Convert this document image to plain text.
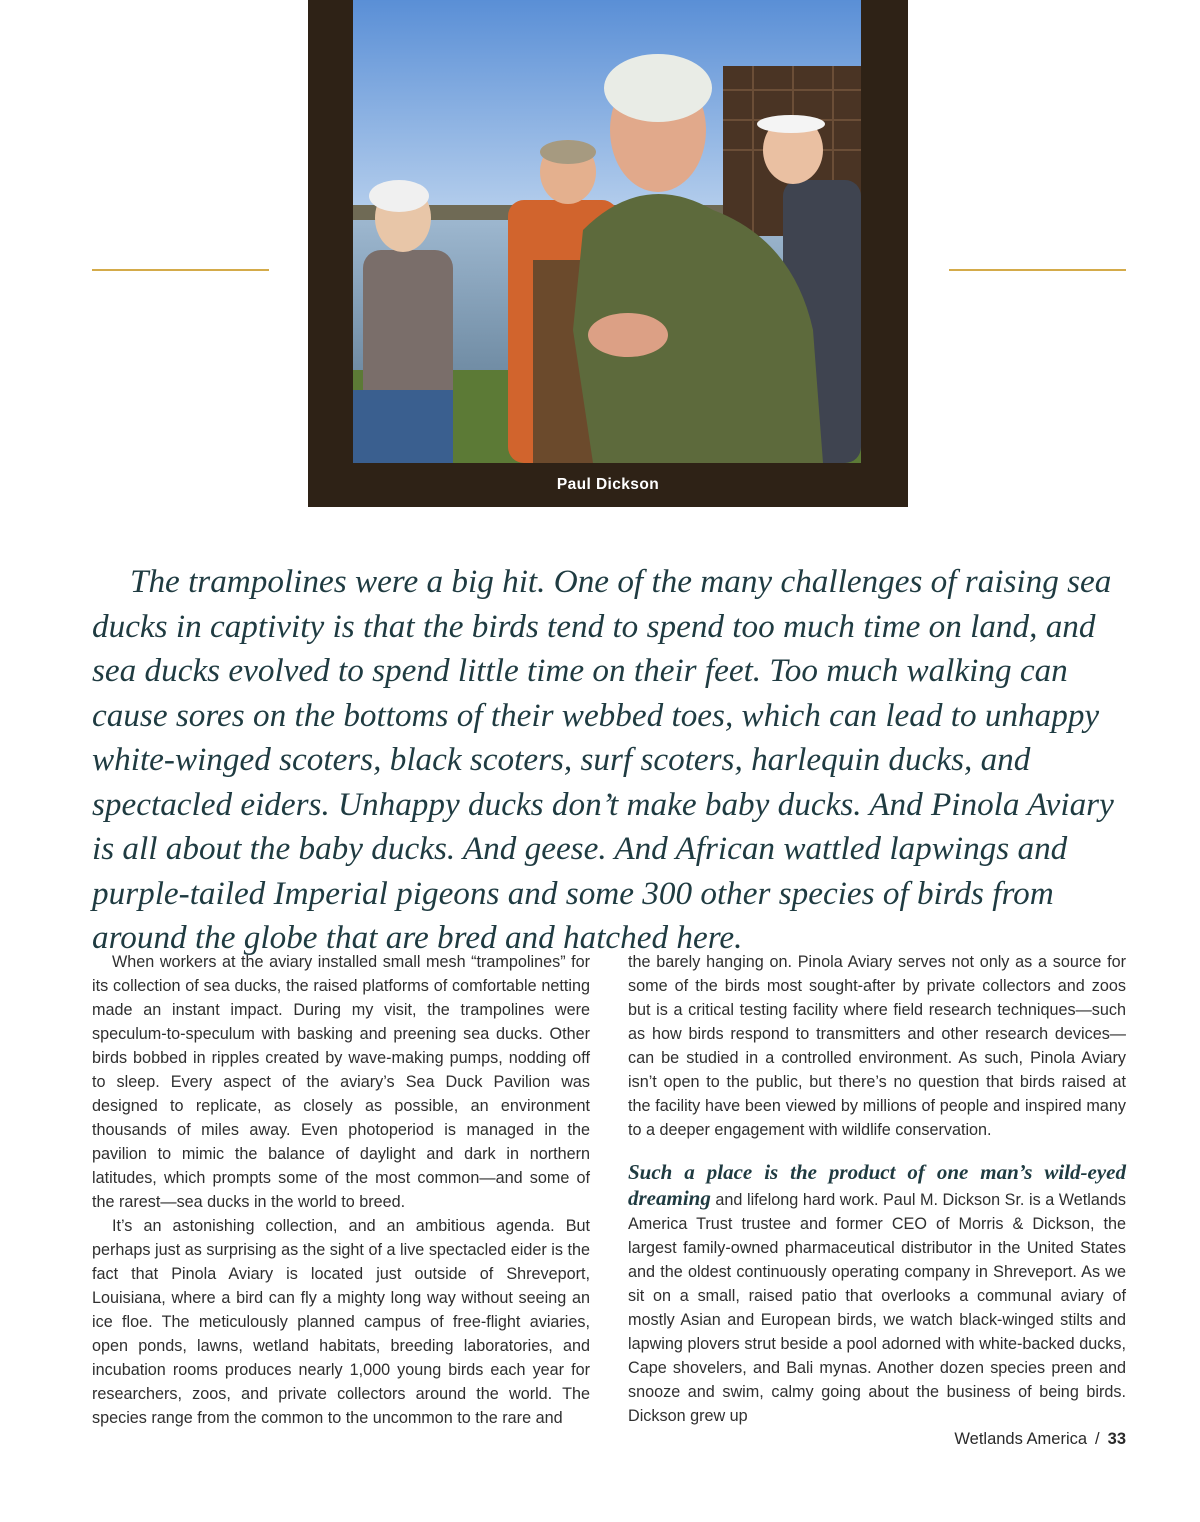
Paul Dickson

The trampolines were a big hit. One of the many challenges of raising sea ducks in captivity is that the birds tend to spend too much time on land, and sea ducks evolved to spend little time on their feet. Too much walking can cause sores on the bottoms of their webbed toes, which can lead to unhappy white-winged scoters, black scoters, surf scoters, harlequin ducks, and spectacled eiders. Unhappy ducks don’t make baby ducks. And Pinola Aviary is all about the baby ducks. And geese. And African wattled lapwings and purple-tailed Imperial pigeons and some 300 other species of birds from around the globe that are bred and hatched here.

When workers at the aviary installed small mesh “trampolines” for its collection of sea ducks, the raised platforms of comfortable netting made an instant impact. During my visit, the trampolines were speculum-to-speculum with basking and preening sea ducks. Other birds bobbed in ripples created by wave-making pumps, nodding off to sleep. Every aspect of the aviary’s Sea Duck Pavilion was designed to replicate, as closely as possible, an environment thousands of miles away. Even photoperiod is managed in the pavilion to mimic the balance of daylight and dark in northern latitudes, which prompts some of the most common—and some of the rarest—sea ducks in the world to breed.

It’s an astonishing collection, and an ambitious agenda. But perhaps just as surprising as the sight of a live spectacled eider is the fact that Pinola Aviary is located just outside of Shreveport, Louisiana, where a bird can fly a mighty long way without seeing an ice floe. The meticulously planned campus of free-flight aviaries, open ponds, lawns, wetland habitats, breeding laboratories, and incubation rooms produces nearly 1,000 young birds each year for researchers, zoos, and private collectors around the world. The species range from the common to the uncommon to the rare and

the barely hanging on. Pinola Aviary serves not only as a source for some of the birds most sought-after by private collectors and zoos but is a critical testing facility where field research techniques—such as how birds respond to transmitters and other research devices—can be studied in a controlled environment. As such, Pinola Aviary isn’t open to the public, but there’s no question that birds raised at the facility have been viewed by millions of people and inspired many to a deeper engagement with wildlife conservation.

Such a place is the product of one man’s wild-eyed dreaming and lifelong hard work. Paul M. Dickson Sr. is a Wetlands America Trust trustee and former CEO of Morris & Dickson, the largest family-owned pharmaceutical distributor in the United States and the oldest continuously operating company in Shreveport. As we sit on a small, raised patio that overlooks a communal aviary of mostly Asian and European birds, we watch black-winged stilts and lapwing plovers strut beside a pool adorned with white-backed ducks, Cape shovelers, and Bali mynas. Another dozen species preen and snooze and swim, calmy going about the business of being birds. Dickson grew up

Wetlands America / 33
